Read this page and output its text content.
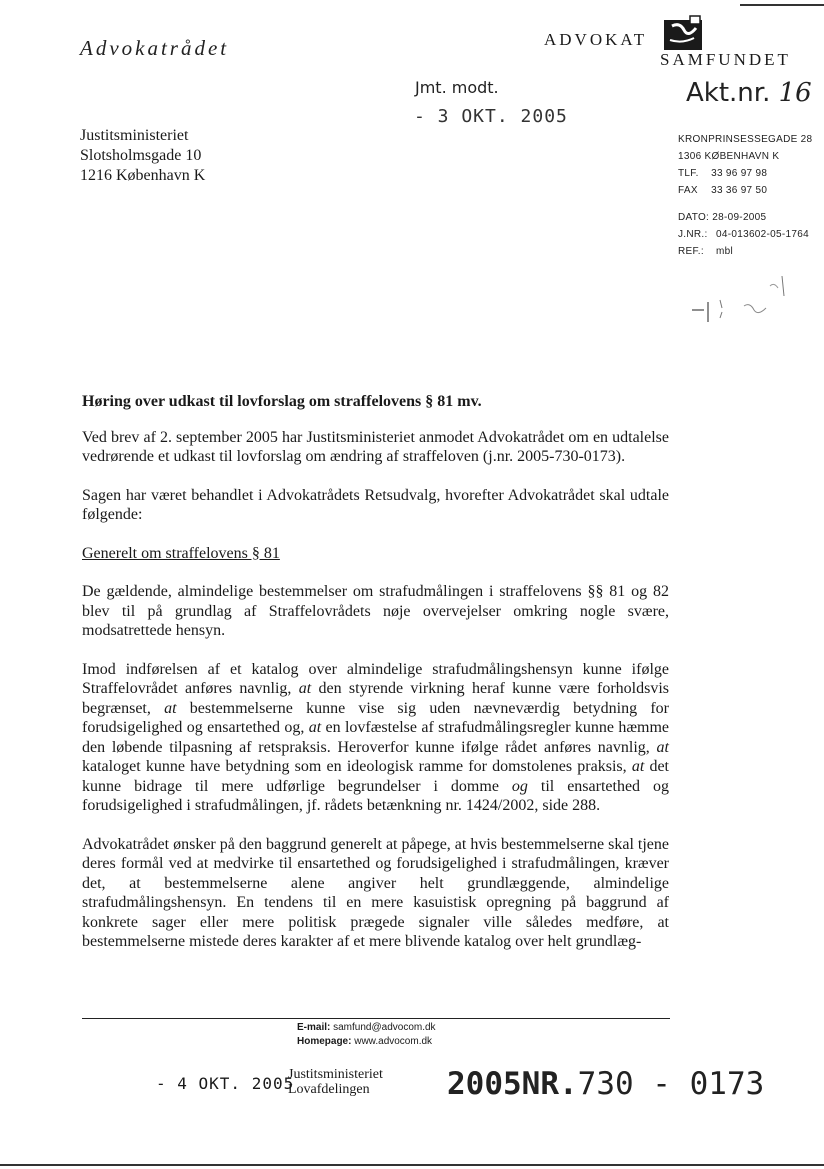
Advokatrådet	ADVOKAT
SAMFUNDET
Jmt. modt.
- 3 OKT. 2005
Akt.nr. 16
Justitsministeriet
Slotsholmsgade 10
1216 København K
KRONPRINSESSEGADE 28
1306 KØBENHAVN K
TLF. 33 96 97 98
FAX 33 36 97 50
DATO: 28-09-2005
J.NR.: 04-013602-05-1764
REF.: mbl
Høring over udkast til lovforslag om straffelovens § 81 mv.

Ved brev af 2. september 2005 har Justitsministeriet anmodet Advokatrådet om en udtalelse vedrørende et udkast til lovforslag om ændring af straffeloven (j.nr. 2005-730-0173).

Sagen har været behandlet i Advokatrådets Retsudvalg, hvorefter Advokatrådet skal udtale følgende:

Generelt om straffelovens § 81

De gældende, almindelige bestemmelser om strafudmålingen i straffelovens §§ 81 og 82 blev til på grundlag af Straffelovrådets nøje overvejelser omkring nogle svære, modsatrettede hensyn.

Imod indførelsen af et katalog over almindelige strafudmålingshensyn kunne ifølge Straffelovrådet anføres navnlig, at den styrende virkning heraf kunne være forholdsvis begrænset, at bestemmelserne kunne vise sig uden nævneværdig betydning for forudsigelighed og ensartethed og, at en lovfæstelse af strafudmålingsregler kunne hæmme den løbende tilpasning af retspraksis. Heroverfor kunne ifølge rådet anføres navnlig, at kataloget kunne have betydning som en ideologisk ramme for domstolenes praksis, at det kunne bidrage til mere udførlige begrundelser i domme og til ensartethed og forudsigelighed i strafudmålingen, jf. rådets betænkning nr. 1424/2002, side 288.

Advokatrådet ønsker på den baggrund generelt at påpege, at hvis bestemmelserne skal tjene deres formål ved at medvirke til ensartethed og forudsigelighed i strafudmålingen, kræver det, at bestemmelserne alene angiver helt grundlæggende, almindelige strafudmålingshensyn. En tendens til en mere kasuistisk opregning på baggrund af konkrete sager eller mere politisk prægede signaler ville således medføre, at bestemmelserne mistede deres karakter af et mere blivende katalog over helt grundlæg-

E-mail: samfund@advocom.dk
Homepage: www.advocom.dk
- 4 OKT. 2005
Justitsministeriet
Lovafdelingen	2005NR.730 - 0173
